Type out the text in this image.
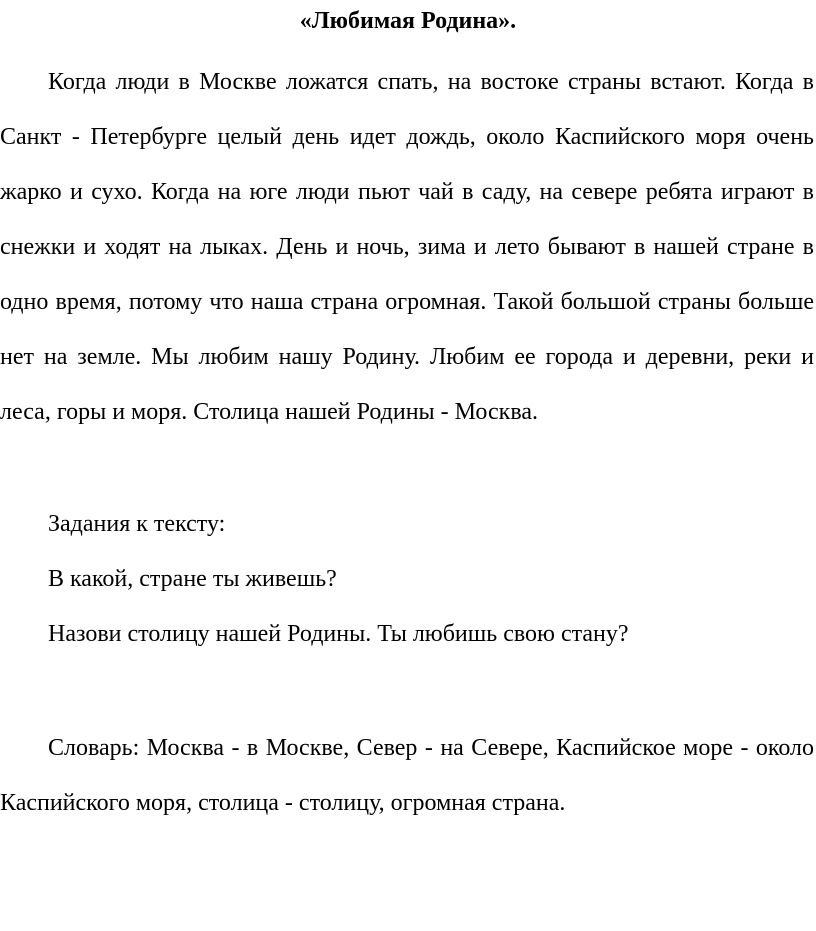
«Любимая Родина».

Когда люди в Москве ложатся спать, на востоке страны встают. Когда в Санкт - Петербурге целый день идет дождь, около Каспийского моря очень жарко и сухо. Когда на юге люди пьют чай в саду, на севере ребята играют в снежки и ходят на лыках. День и ночь, зима и лето бывают в нашей стране в одно время, потому что наша страна огромная. Такой большой страны больше нет на земле. Мы любим нашу Родину. Любим ее города и деревни, реки и леса, горы и моря. Столица нашей Родины - Москва.

Задания к тексту:

В какой, стране ты живешь?

Назови столицу нашей Родины. Ты любишь свою стану?

Словарь: Москва - в Москве, Север - на Севере, Каспийское море - около Каспийского моря, столица - столицу, огромная страна.
